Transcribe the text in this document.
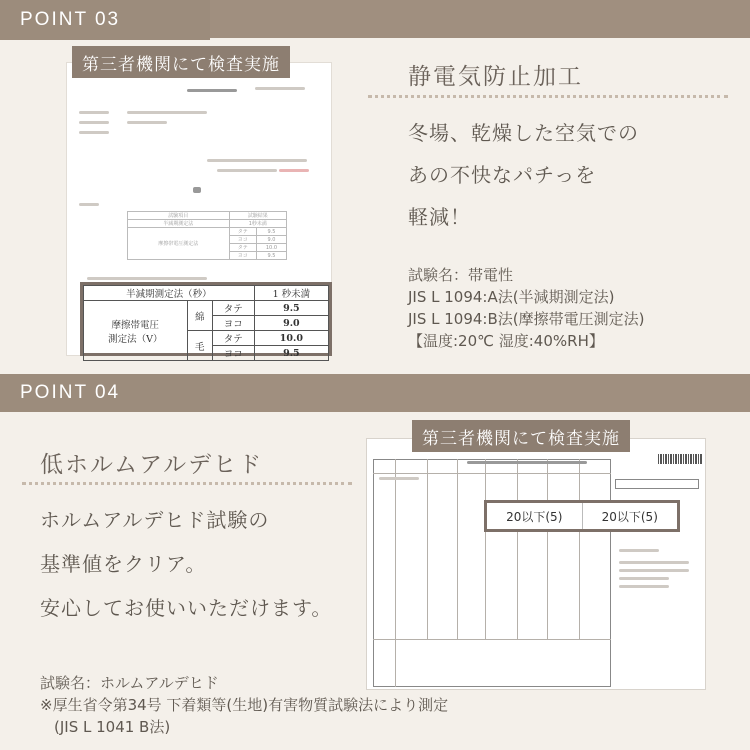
POINT 03
試験項目	試験結果	
半減期測定法	1秒未満	
摩擦帯電圧測定法	タテ	9.5
	ヨコ	9.0
	タテ	10.0
	ヨコ	9.5
第三者機関にて検査実施
半減期測定法（秒）			1 秒未満
摩擦帯電圧
測定法（V）	綿	タテ	9.5
		ヨコ	9.0
	毛	タテ	10.0
		ヨコ	9.5
静電気防止加工
冬場、乾燥した空気での
あの不快なパチっを
軽減！
試験名：帯電性
JIS L 1094:A法(半減期測定法)
JIS L 1094:B法(摩擦帯電圧測定法)
【温度:20℃ 湿度:40%RH】
POINT 04
低ホルムアルデヒド
ホルムアルデヒド試験の
基準値をクリア。
安心してお使いいただけます。
試験名：ホルムアルデヒド
※厚生省令第34号 下着類等(生地)有害物質試験法により測定
(JIS L 1041 B法)
第三者機関にて検査実施
20以下(5)	20以下(5)
